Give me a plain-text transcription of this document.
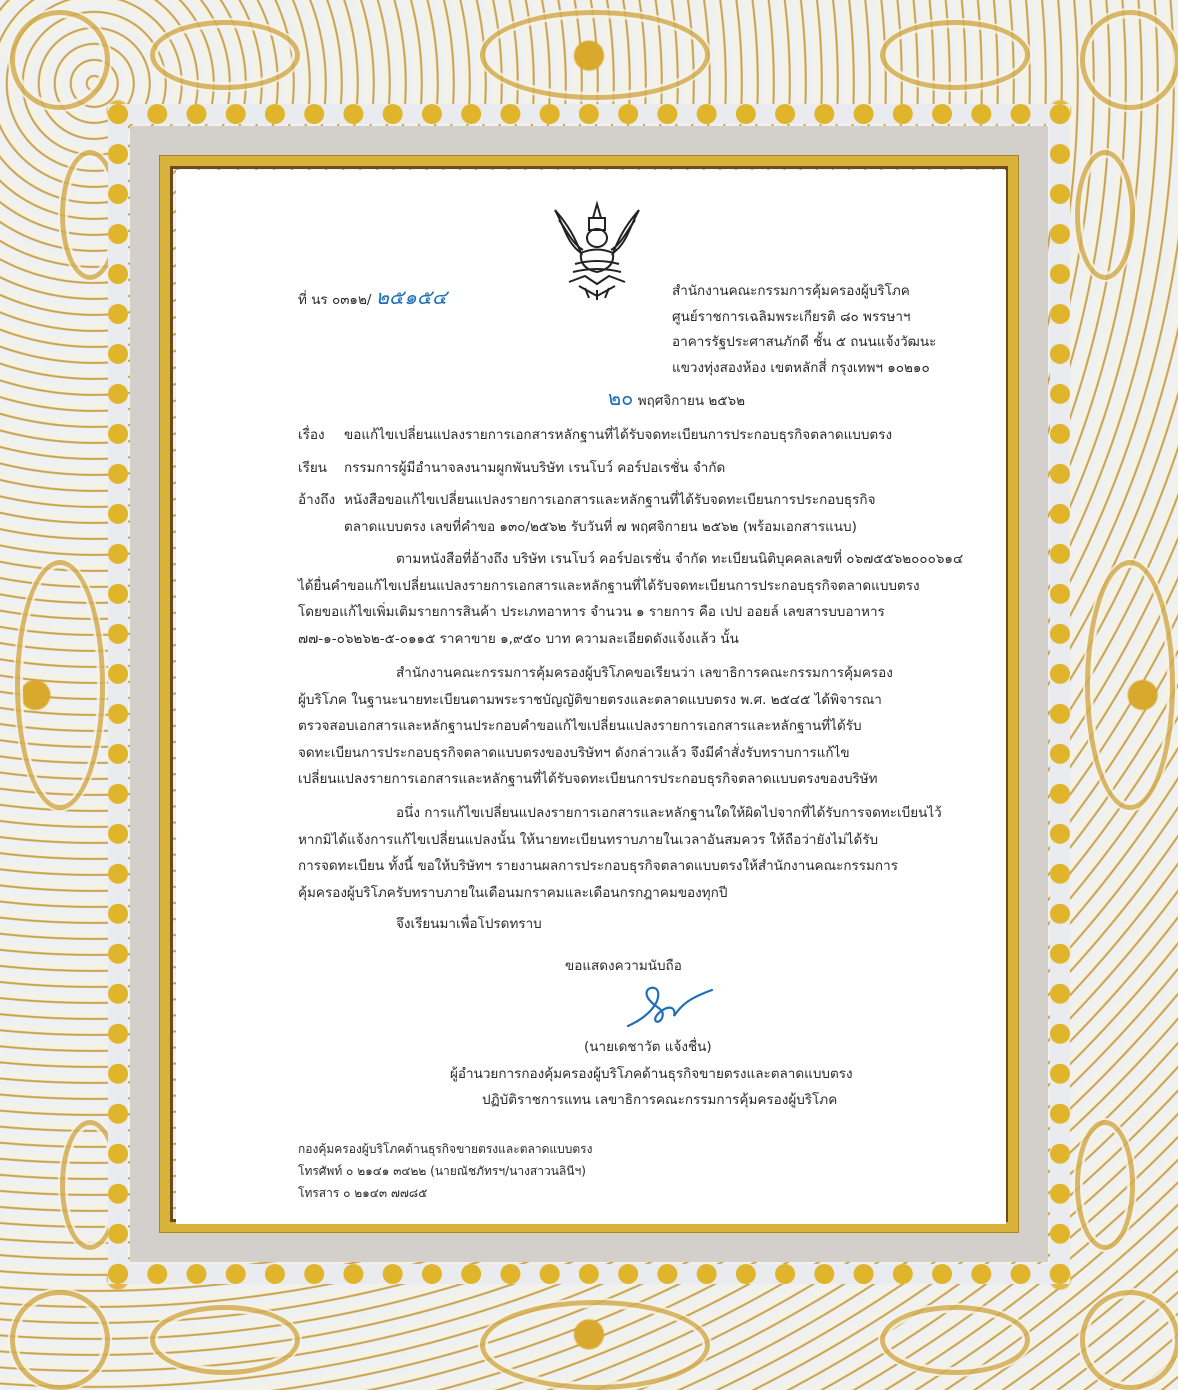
ที่ นร ๐๓๑๒/ ๒๕๑๕๔	สำนักงานคณะกรรมการคุ้มครองผู้บริโภค
ศูนย์ราชการเฉลิมพระเกียรติ ๘๐ พรรษาฯ
อาคารรัฐประศาสนภักดี ชั้น ๕ ถนนแจ้งวัฒนะ
แขวงทุ่งสองห้อง เขตหลักสี่ กรุงเทพฯ ๑๐๒๑๐
๒๐ พฤศจิกายน ๒๕๖๒

เรื่อง ขอแก้ไขเปลี่ยนแปลงรายการเอกสารหลักฐานที่ได้รับจดทะเบียนการประกอบธุรกิจตลาดแบบตรง

เรียน กรรมการผู้มีอำนาจลงนามผูกพันบริษัท เรนโบว์ คอร์ปอเรชั่น จำกัด

อ้างถึง หนังสือขอแก้ไขเปลี่ยนแปลงรายการเอกสารและหลักฐานที่ได้รับจดทะเบียนการประกอบธุรกิจ

ตลาดแบบตรง เลขที่คำขอ ๑๓๐/๒๕๖๒ รับวันที่ ๗ พฤศจิกายน ๒๕๖๒ (พร้อมเอกสารแนบ)

ตามหนังสือที่อ้างถึง บริษัท เรนโบว์ คอร์ปอเรชั่น จำกัด ทะเบียนนิติบุคคลเลขที่ ๐๖๗๕๕๖๒๐๐๐๖๑๔

ได้ยื่นคำขอแก้ไขเปลี่ยนแปลงรายการเอกสารและหลักฐานที่ได้รับจดทะเบียนการประกอบธุรกิจตลาดแบบตรง

โดยขอแก้ไขเพิ่มเติมรายการสินค้า ประเภทอาหาร จำนวน ๑ รายการ คือ เปป ออยล์ เลขสารบบอาหาร

๗๗-๑-๐๖๒๖๒-๕-๐๑๑๕ ราคาขาย ๑,๙๕๐ บาท ความละเอียดดังแจ้งแล้ว นั้น

สำนักงานคณะกรรมการคุ้มครองผู้บริโภคขอเรียนว่า เลขาธิการคณะกรรมการคุ้มครอง

ผู้บริโภค ในฐานะนายทะเบียนตามพระราชบัญญัติขายตรงและตลาดแบบตรง พ.ศ. ๒๕๔๕ ได้พิจารณา

ตรวจสอบเอกสารและหลักฐานประกอบคำขอแก้ไขเปลี่ยนแปลงรายการเอกสารและหลักฐานที่ได้รับ

จดทะเบียนการประกอบธุรกิจตลาดแบบตรงของบริษัทฯ ดังกล่าวแล้ว จึงมีคำสั่งรับทราบการแก้ไข

เปลี่ยนแปลงรายการเอกสารและหลักฐานที่ได้รับจดทะเบียนการประกอบธุรกิจตลาดแบบตรงของบริษัท

อนึ่ง การแก้ไขเปลี่ยนแปลงรายการเอกสารและหลักฐานใดให้ผิดไปจากที่ได้รับการจดทะเบียนไว้

หากมิได้แจ้งการแก้ไขเปลี่ยนแปลงนั้น ให้นายทะเบียนทราบภายในเวลาอันสมควร ให้ถือว่ายังไม่ได้รับ

การจดทะเบียน ทั้งนี้ ขอให้บริษัทฯ รายงานผลการประกอบธุรกิจตลาดแบบตรงให้สำนักงานคณะกรรมการ

คุ้มครองผู้บริโภครับทราบภายในเดือนมกราคมและเดือนกรกฎาคมของทุกปี

จึงเรียนมาเพื่อโปรดทราบ
ขอแสดงความนับถือ
(นายเดชาวัต แจ้งชื่น)
ผู้อำนวยการกองคุ้มครองผู้บริโภคด้านธุรกิจขายตรงและตลาดแบบตรง
ปฏิบัติราชการแทน เลขาธิการคณะกรรมการคุ้มครองผู้บริโภค
กองคุ้มครองผู้บริโภคด้านธุรกิจขายตรงและตลาดแบบตรง
โทรศัพท์ ๐ ๒๑๔๑ ๓๔๒๒ (นายณัชภัทรฯ/นางสาวนลินีฯ)
โทรสาร ๐ ๒๑๔๓ ๗๗๘๕
